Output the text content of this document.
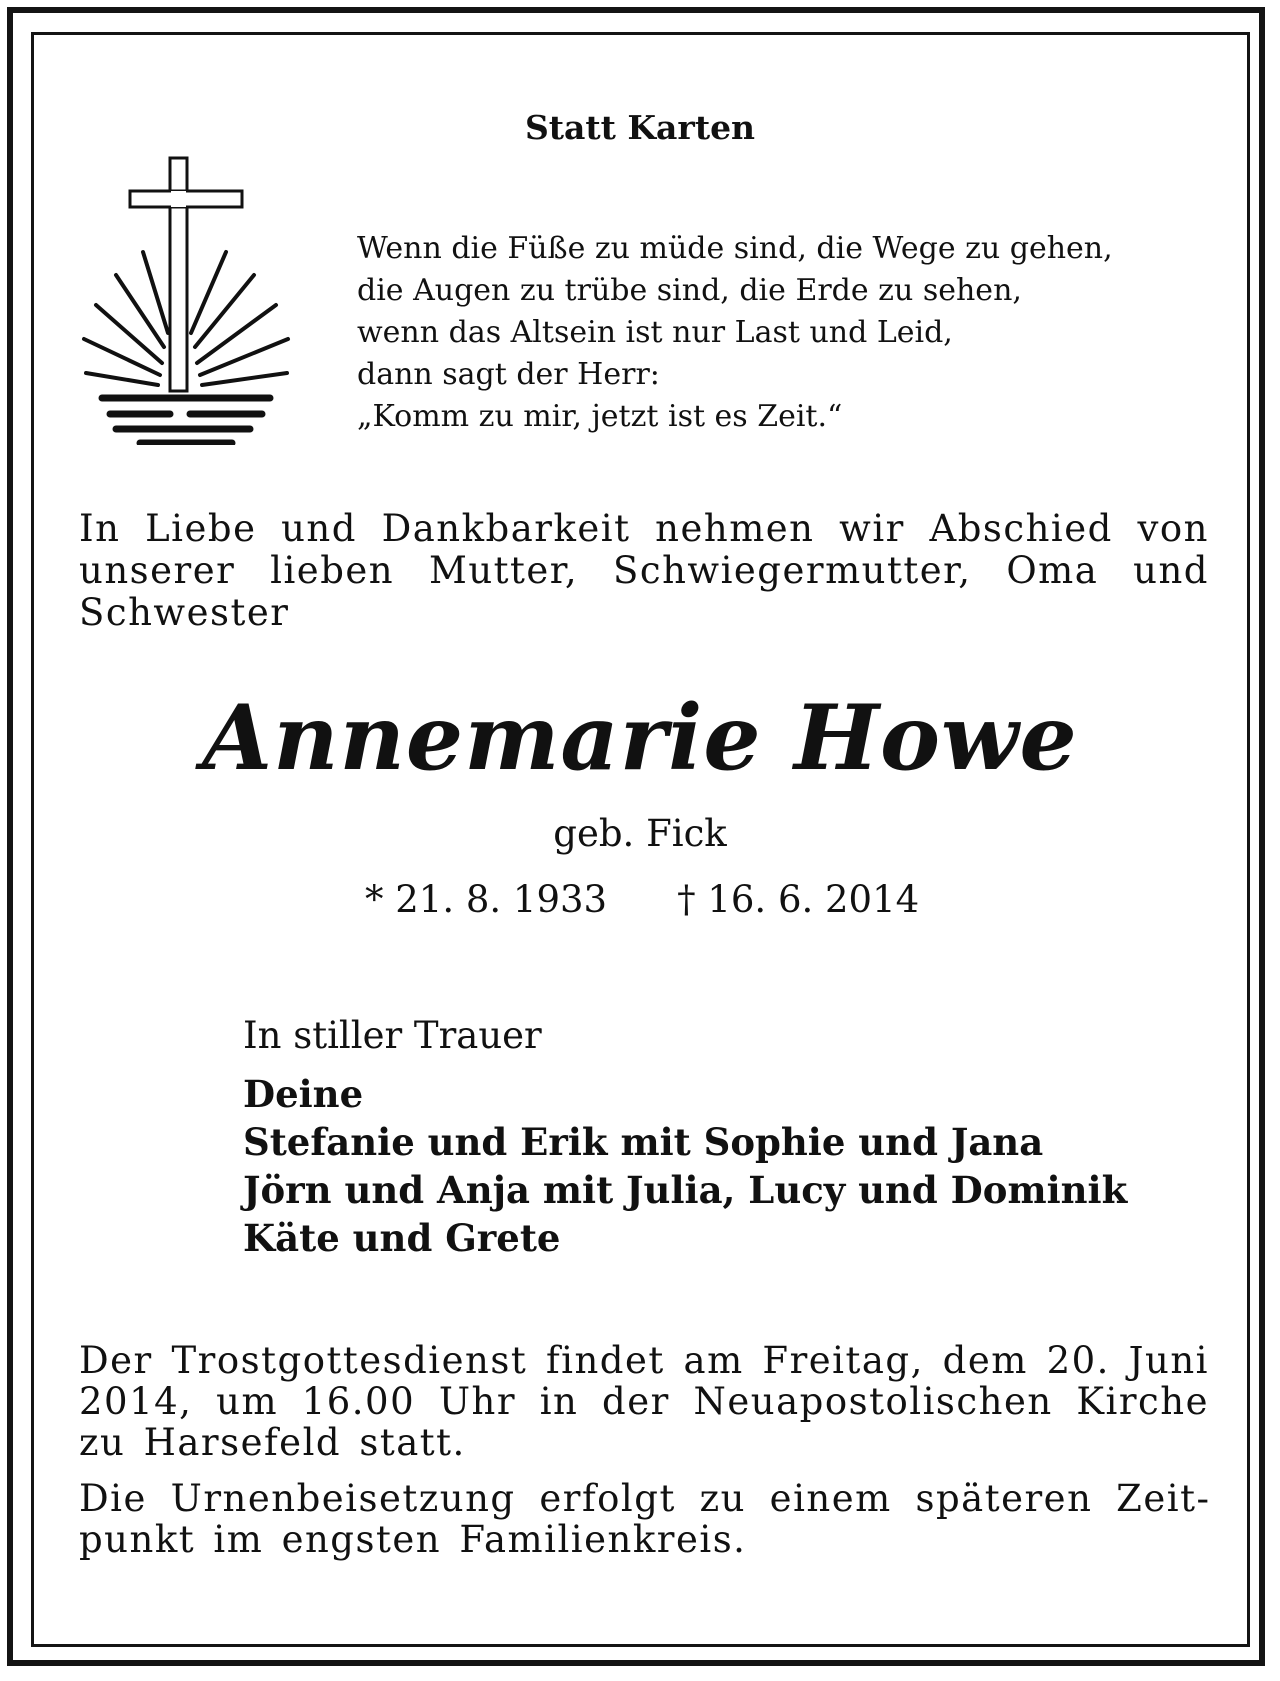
Statt Karten
Wenn die Füße zu müde sind, die Wege zu gehen,
die Augen zu trübe sind, die Erde zu sehen,
wenn das Altsein ist nur Last und Leid,
dann sagt der Herr:
„Komm zu mir, jetzt ist es Zeit.“

In Liebe und Dankbarkeit nehmen wir Abschied von unserer lieben Mutter, Schwiegermutter, Oma und Schwester

Annemarie Howe
geb. Fick
* 21. 8. 1933 † 16. 6. 2014
In stiller Trauer
Deine
Stefanie und Erik mit Sophie und Jana
Jörn und Anja mit Julia, Lucy und Dominik
Käte und Grete

Der Trostgottesdienst findet am Freitag, dem 20. Juni 2014, um 16.00 Uhr in der Neuapostolischen Kirche zu Harsefeld statt.

Die Urnenbeisetzung erfolgt zu einem späteren Zeitpunkt im engsten Familienkreis.
